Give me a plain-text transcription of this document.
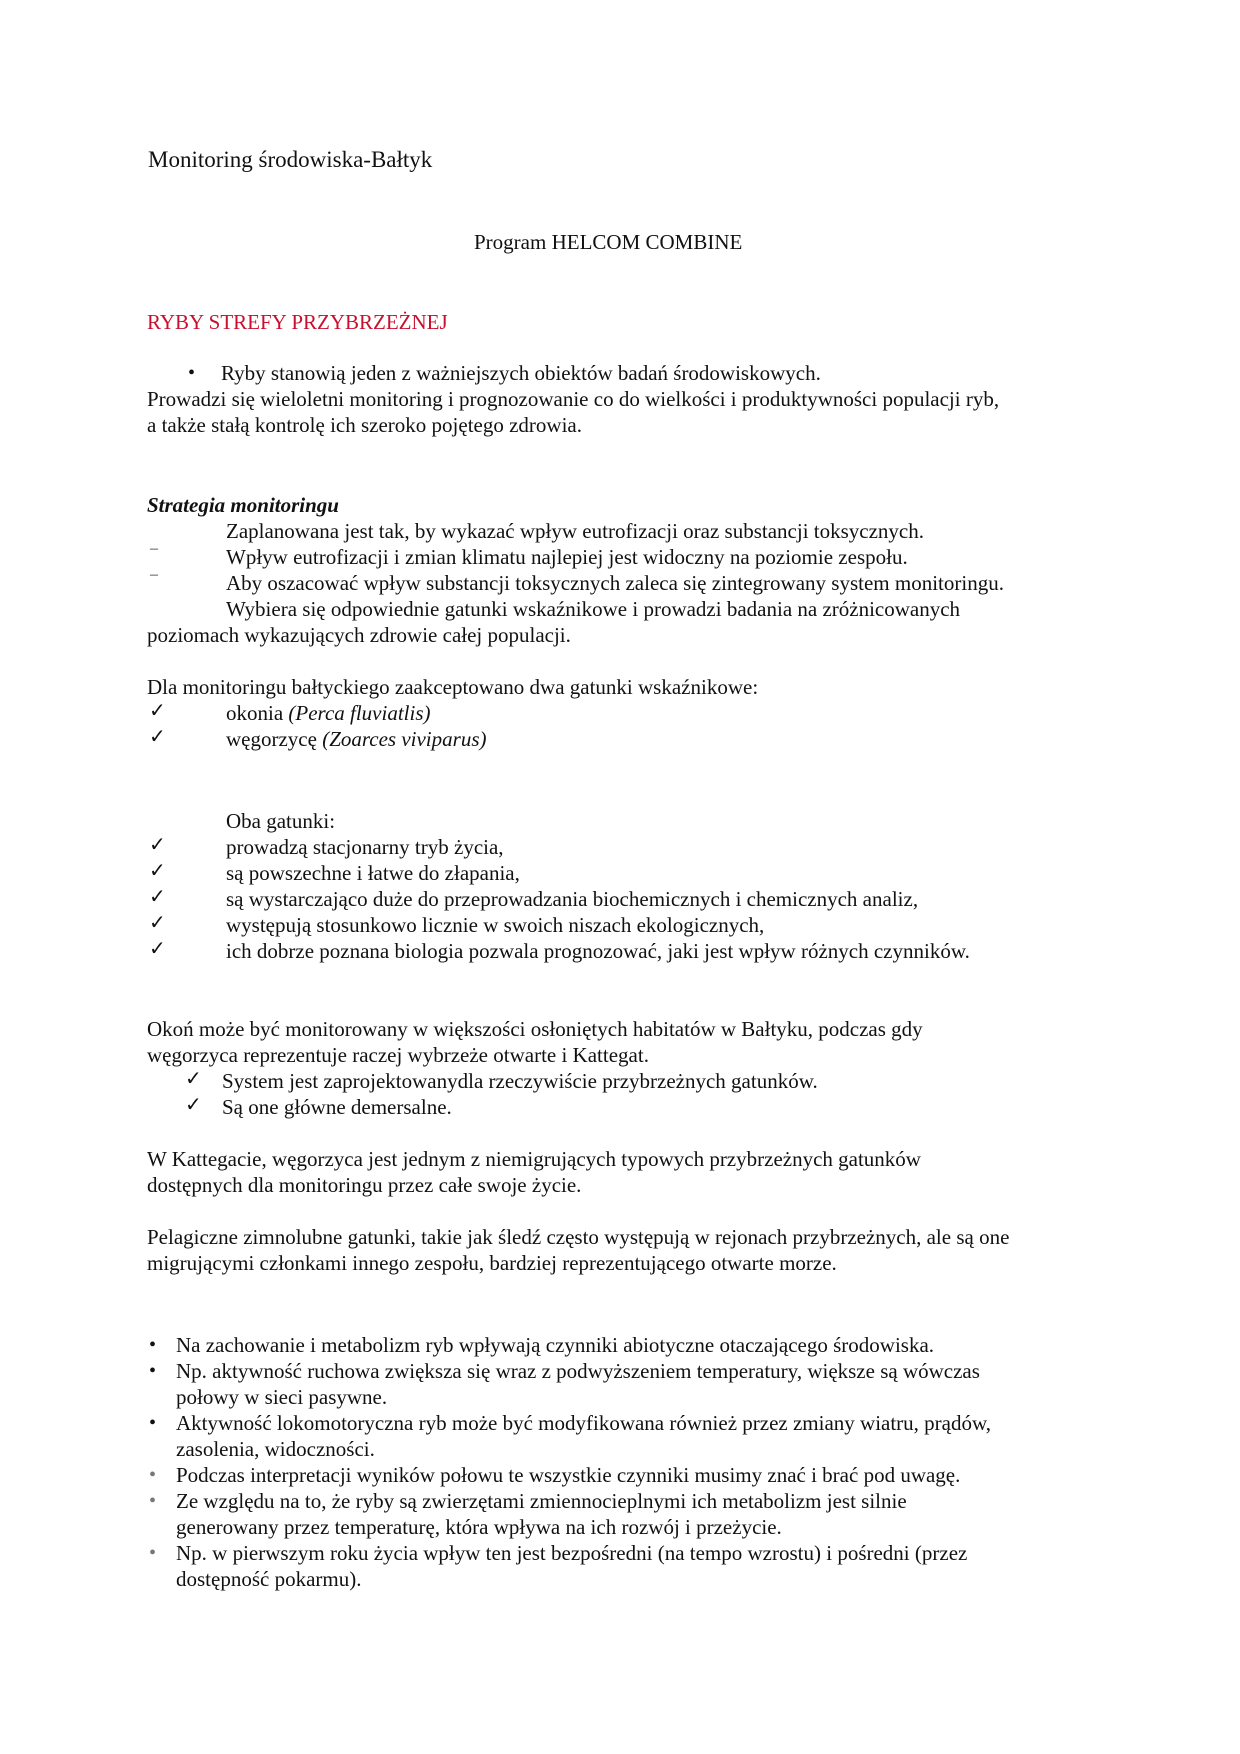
Monitoring środowiska-Bałtyk
Program HELCOM COMBINE
RYBY STREFY PRZYBRZEŻNEJ
• Ryby stanowią jeden z ważniejszych obiektów badań środowiskowych.
Prowadzi się wieloletni monitoring i prognozowanie co do wielkości i produktywności populacji ryb,
a także stałą kontrolę ich szeroko pojętego zdrowia.
Strategia monitoringu
Zaplanowana jest tak, by wykazać wpływ eutrofizacji oraz substancji toksycznych.
–	Wpływ eutrofizacji i zmian klimatu najlepiej jest widoczny na poziomie zespołu.
–	Aby oszacować wpływ substancji toksycznych zaleca się zintegrowany system monitoringu.
Wybiera się odpowiednie gatunki wskaźnikowe i prowadzi badania na zróżnicowanych
poziomach wykazujących zdrowie całej populacji.
Dla monitoringu bałtyckiego zaakceptowano dwa gatunki wskaźnikowe:
✓	okonia (Perca fluviatlis)
✓	węgorzycę (Zoarces viviparus)
Oba gatunki:
✓	prowadzą stacjonarny tryb życia,
✓	są powszechne i łatwe do złapania,
✓	są wystarczająco duże do przeprowadzania biochemicznych i chemicznych analiz,
✓	występują stosunkowo licznie w swoich niszach ekologicznych,
✓	ich dobrze poznana biologia pozwala prognozować, jaki jest wpływ różnych czynników.
Okoń może być monitorowany w większości osłoniętych habitatów w Bałtyku, podczas gdy
węgorzyca reprezentuje raczej wybrzeże otwarte i Kattegat.
✓ System jest zaprojektowanydla rzeczywiście przybrzeżnych gatunków.
✓ Są one główne demersalne.
W Kattegacie, węgorzyca jest jednym z niemigrujących typowych przybrzeżnych gatunków
dostępnych dla monitoringu przez całe swoje życie.
Pelagiczne zimnolubne gatunki, takie jak śledź często występują w rejonach przybrzeżnych, ale są one
migrującymi członkami innego zespołu, bardziej reprezentującego otwarte morze.
• Na zachowanie i metabolizm ryb wpływają czynniki abiotyczne otaczającego środowiska.
• Np. aktywność ruchowa zwiększa się wraz z podwyższeniem temperatury, większe są wówczas
połowy w sieci pasywne.
• Aktywność lokomotoryczna ryb może być modyfikowana również przez zmiany wiatru, prądów,
zasolenia, widoczności.
• Podczas interpretacji wyników połowu te wszystkie czynniki musimy znać i brać pod uwagę.
• Ze względu na to, że ryby są zwierzętami zmiennocieplnymi ich metabolizm jest silnie
generowany przez temperaturę, która wpływa na ich rozwój i przeżycie.
• Np. w pierwszym roku życia wpływ ten jest bezpośredni (na tempo wzrostu) i pośredni (przez
dostępność pokarmu).
